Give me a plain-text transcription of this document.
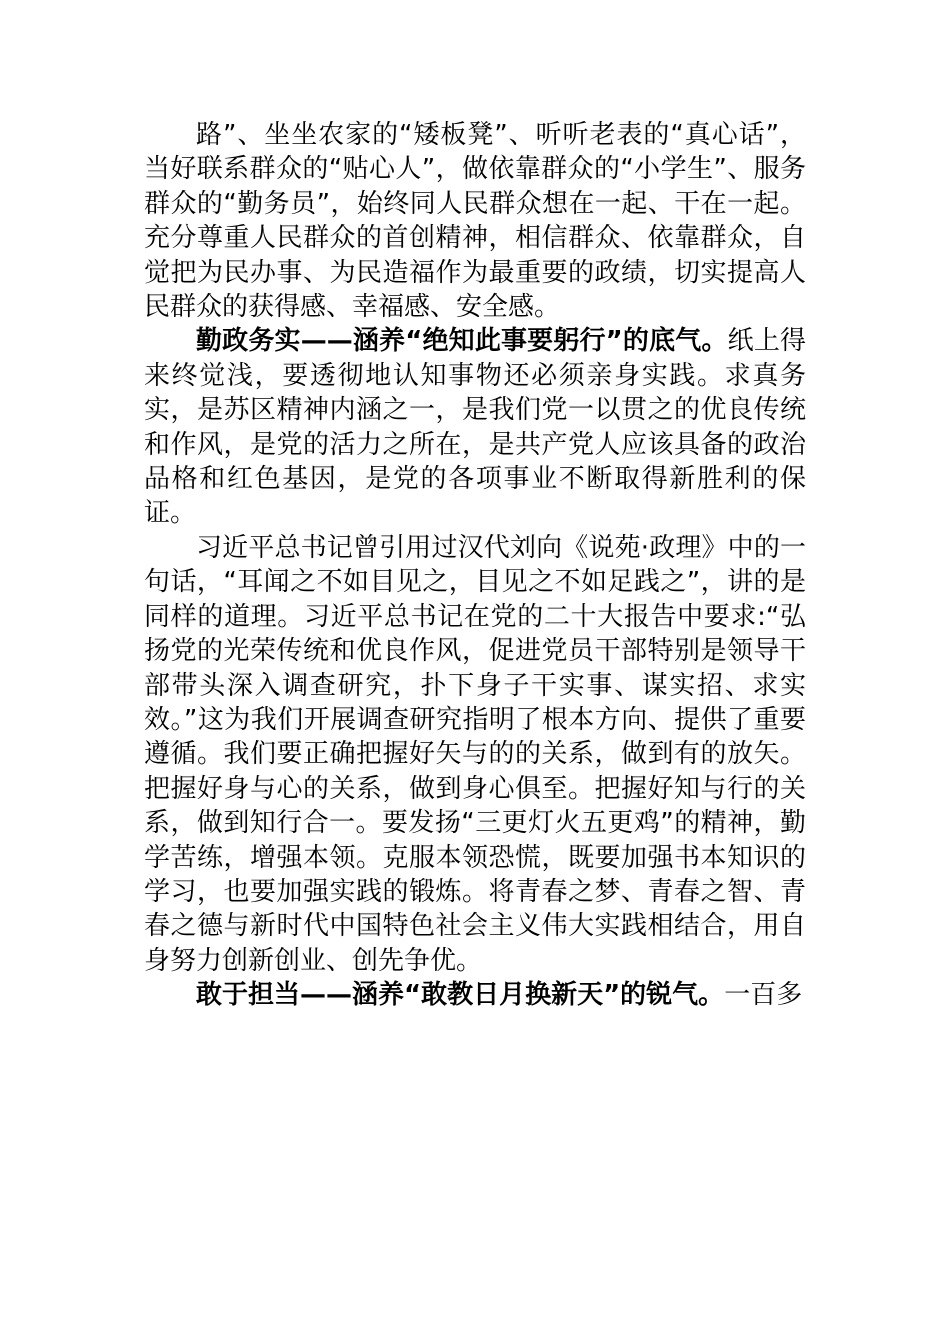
路”、坐坐农家的“矮板凳”、听听老表的“真心话”，当好联系群众的“贴心人”，做依靠群众的“小学生”、服务群众的“勤务员”，始终同人民群众想在一起、干在一起。充分尊重人民群众的首创精神，相信群众、依靠群众，自觉把为民办事、为民造福作为最重要的政绩，切实提高人民群众的获得感、幸福感、安全感。

勤政务实——涵养“绝知此事要躬行”的底气。纸上得来终觉浅，要透彻地认知事物还必须亲身实践。求真务实，是苏区精神内涵之一，是我们党一以贯之的优良传统和作风，是党的活力之所在，是共产党人应该具备的政治品格和红色基因，是党的各项事业不断取得新胜利的保证。

习近平总书记曾引用过汉代刘向《说苑·政理》中的一句话，“耳闻之不如目见之，目见之不如足践之”，讲的是同样的道理。习近平总书记在党的二十大报告中要求:“弘扬党的光荣传统和优良作风，促进党员干部特别是领导干部带头深入调查研究，扑下身子干实事、谋实招、求实效。”这为我们开展调查研究指明了根本方向、提供了重要遵循。我们要正确把握好矢与的的关系，做到有的放矢。把握好身与心的关系，做到身心俱至。把握好知与行的关系，做到知行合一。要发扬“三更灯火五更鸡”的精神，勤学苦练，增强本领。克服本领恐慌，既要加强书本知识的学习，也要加强实践的锻炼。将青春之梦、青春之智、青春之德与新时代中国特色社会主义伟大实践相结合，用自身努力创新创业、创先争优。

敢于担当——涵养“敢教日月换新天”的锐气。一百多
